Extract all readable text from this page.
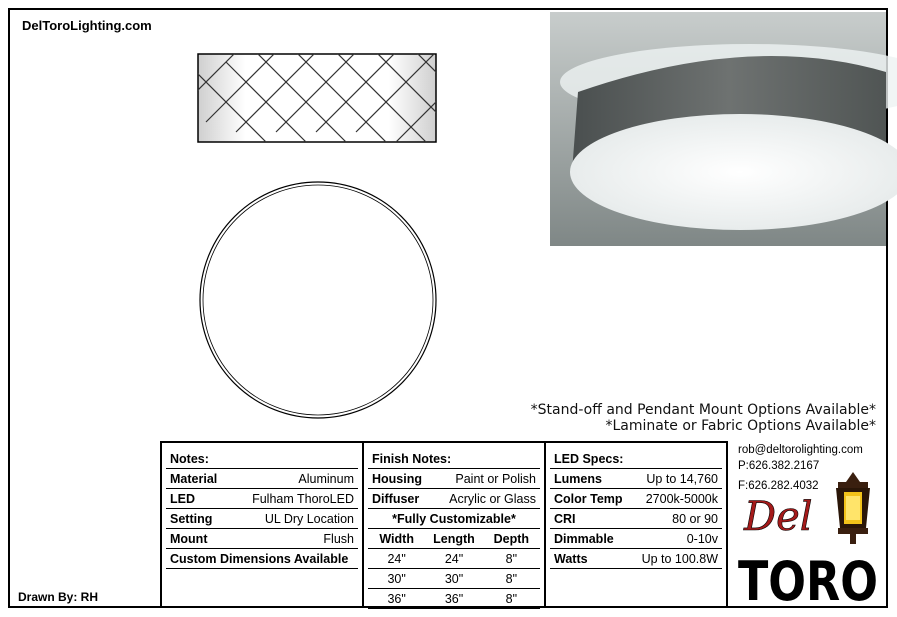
DelToroLighting.com
*Stand-off and Pendant Mount Options Available*
*Laminate or Fabric Options Available*
Notes:
Material	Aluminum
LED	Fulham ThoroLED
Setting	UL Dry Location
Mount	Flush
Custom Dimensions Available
Finish Notes:
Housing	Paint or Polish
Diffuser Acrylic or Glass
*Fully Customizable*
Width	Length	Depth
24"	24"	8"
30"	30"	8"
36"	36"	8"
LED Specs:
Lumens	Up to 14,760
Color Temp 2700k-5000k
CRI	80 or 90
Dimmable	0-10v
Watts	Up to 100.8W
rob@deltorolighting.com
P:626.382.2167
F:626.282.4032
Del
TORO
Drawn By: RH
